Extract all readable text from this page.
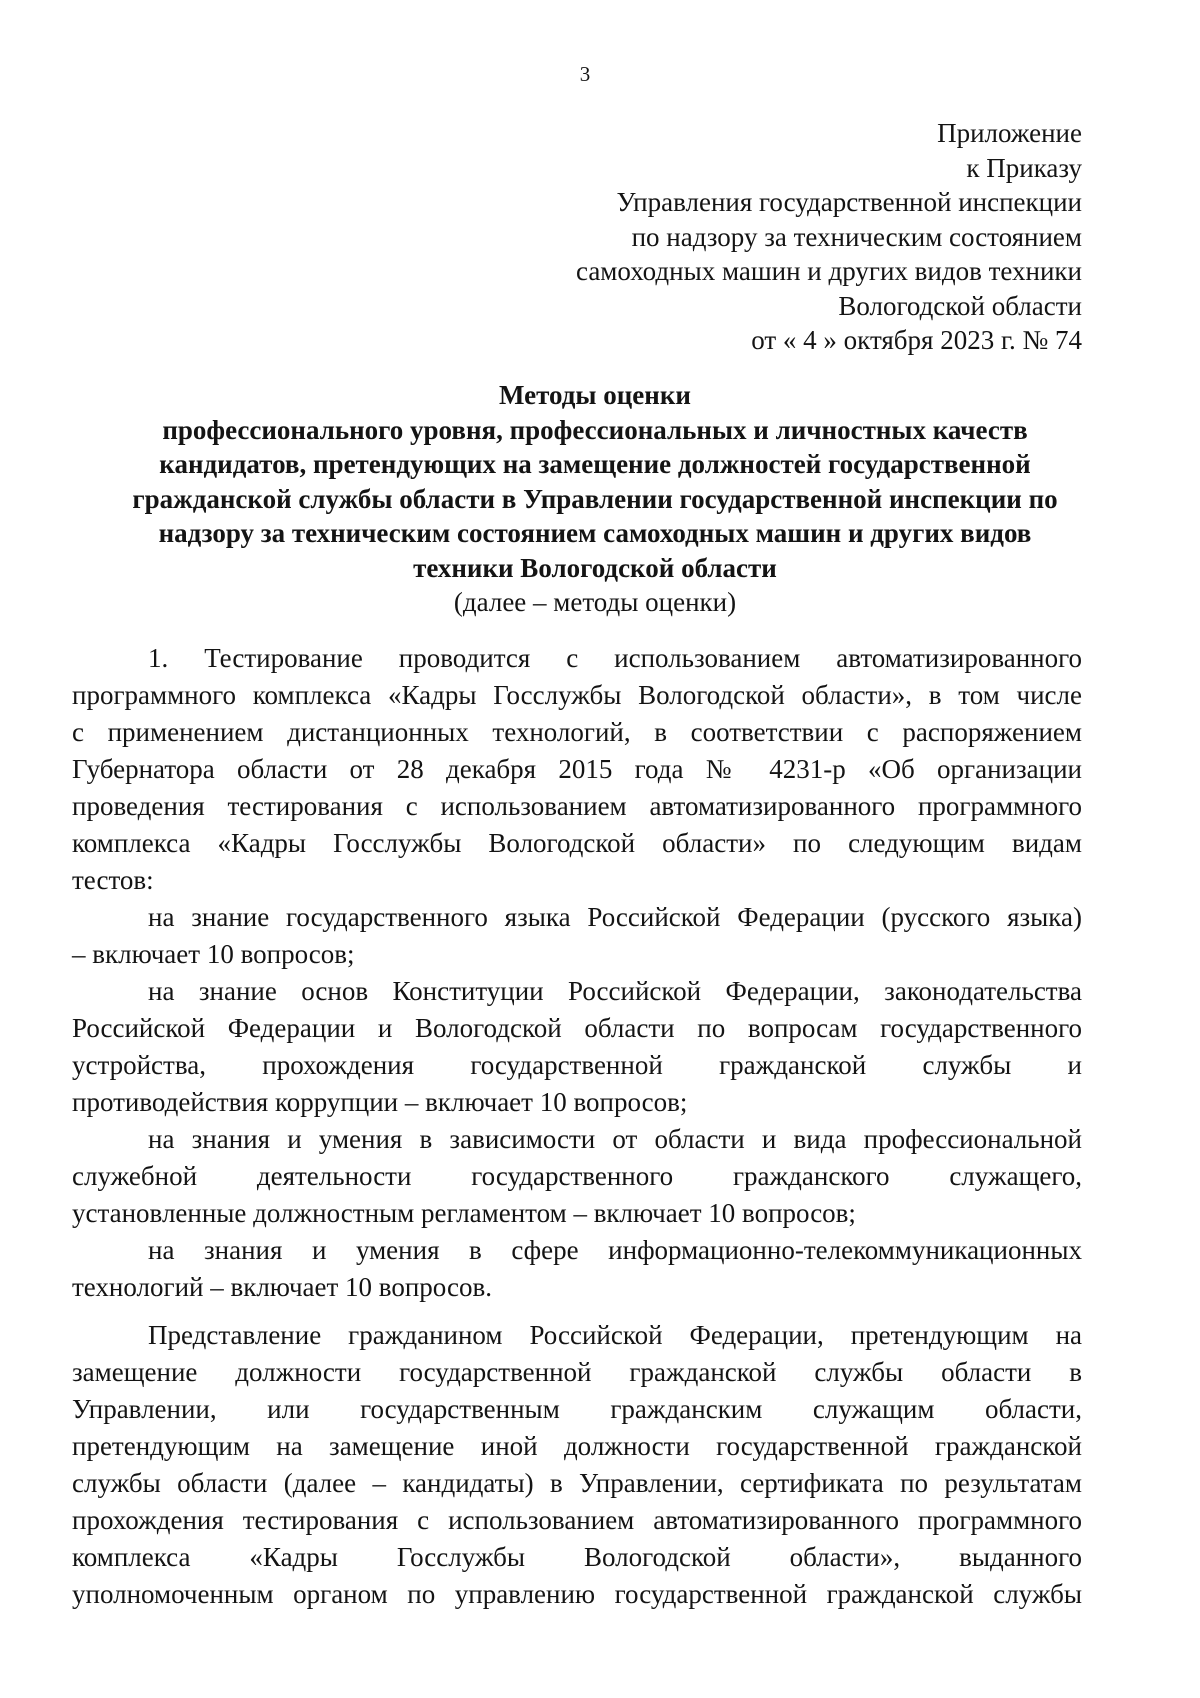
3
Приложение
к Приказу
Управления государственной инспекции
по надзору за техническим состоянием
самоходных машин и других видов техники
Вологодской области
от « 4 » октября 2023 г. № 74
Методы оценки
профессионального уровня, профессиональных и личностных качеств
кандидатов, претендующих на замещение должностей государственной
гражданской службы области в Управлении государственной инспекции по
надзору за техническим состоянием самоходных машин и других видов
техники Вологодской области
(далее – методы оценки)
1. Тестирование проводится с использованием автоматизированного
программного комплекса «Кадры Госслужбы Вологодской области», в том числе
с применением дистанционных технологий, в соответствии с распоряжением
Губернатора области от 28 декабря 2015 года № 4231-р «Об организации
проведения тестирования с использованием автоматизированного программного
комплекса «Кадры Госслужбы Вологодской области» по следующим видам
тестов:
на знание государственного языка Российской Федерации (русского языка)
– включает 10 вопросов;
на знание основ Конституции Российской Федерации, законодательства
Российской Федерации и Вологодской области по вопросам государственного
устройства, прохождения государственной гражданской службы и
противодействия коррупции – включает 10 вопросов;
на знания и умения в зависимости от области и вида профессиональной
служебной деятельности государственного гражданского служащего,
установленные должностным регламентом – включает 10 вопросов;
на знания и умения в сфере информационно-телекоммуникационных
технологий – включает 10 вопросов.
Представление гражданином Российской Федерации, претендующим на
замещение должности государственной гражданской службы области в
Управлении, или государственным гражданским служащим области,
претендующим на замещение иной должности государственной гражданской
службы области (далее – кандидаты) в Управлении, сертификата по результатам
прохождения тестирования с использованием автоматизированного программного
комплекса «Кадры Госслужбы Вологодской области», выданного
уполномоченным органом по управлению государственной гражданской службы
